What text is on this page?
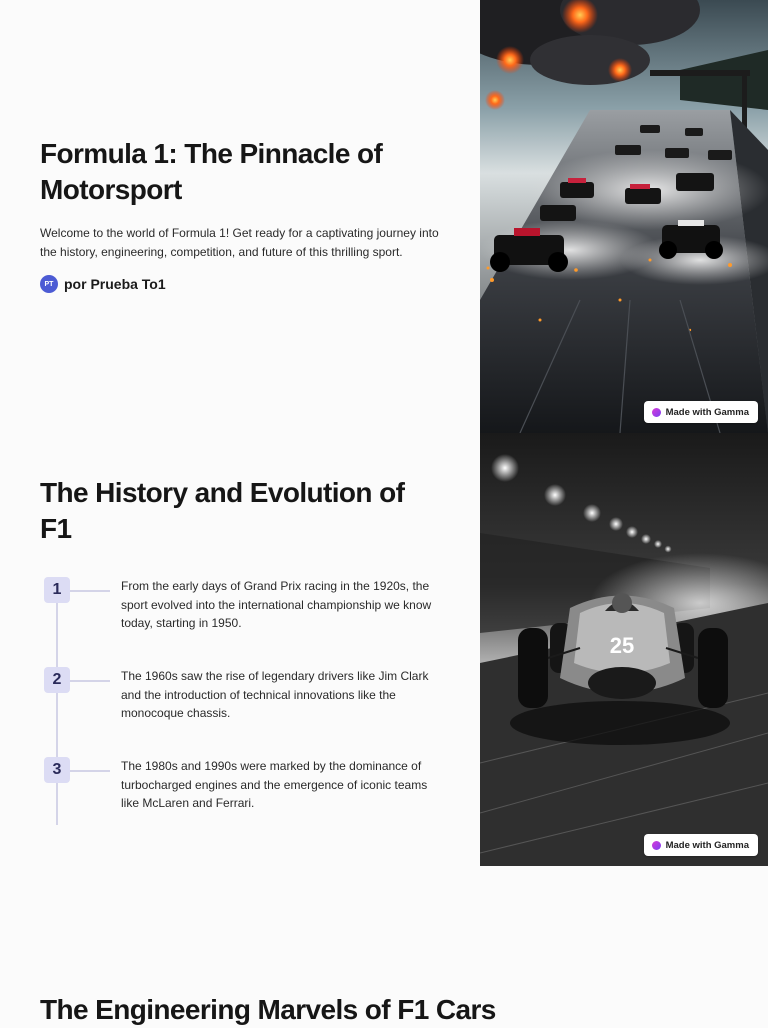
Formula 1: The Pinnacle of Motorsport

Welcome to the world of Formula 1! Get ready for a captivating journey into the history, engineering, competition, and future of this thrilling sport.

PT por Prueba To1
Made with Gamma
The History and Evolution of F1
1	From the early days of Grand Prix racing in the 1920s, the sport evolved into the international championship we know today, starting in 1950.

2	The 1960s saw the rise of legendary drivers like Jim Clark and the introduction of technical innovations like the monocoque chassis.

3	The 1980s and 1990s were marked by the dominance of turbocharged engines and the emergence of iconic teams like McLaren and Ferrari.

25
Made with Gamma
The Engineering Marvels of F1 Cars
